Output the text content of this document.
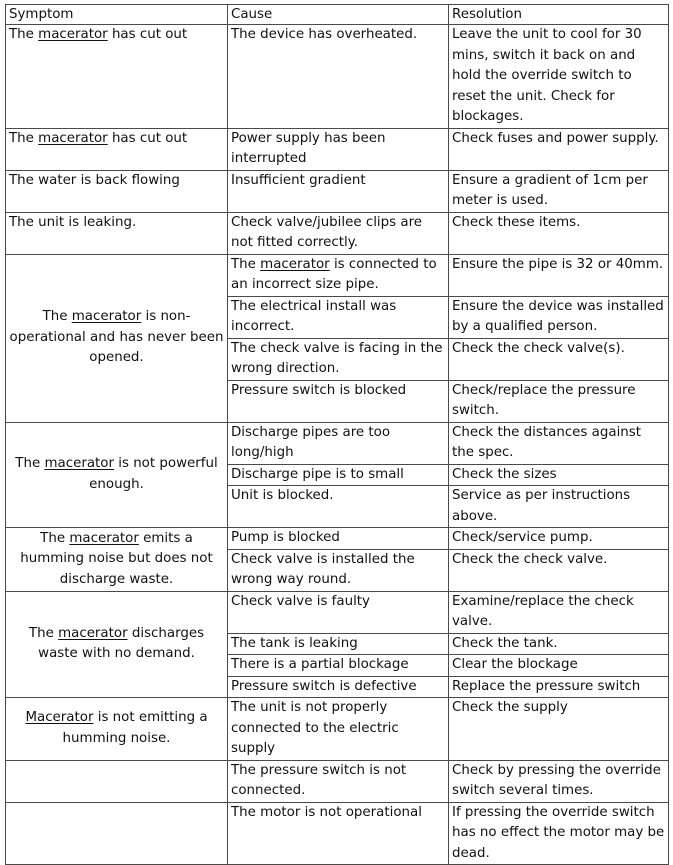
Symptom	Cause	Resolution
The macerator has cut out	The device has overheated.	Leave the unit to cool for 30 mins, switch it back on and hold the override switch to reset the unit. Check for blockages.
The macerator has cut out	Power supply has been interrupted	Check fuses and power supply.
The water is back flowing	Insufficient gradient	Ensure a gradient of 1cm per meter is used.
The unit is leaking.	Check valve/jubilee clips are not fitted correctly.	Check these items.
The macerator is non-operational and has never been opened.	The macerator is connected to an incorrect size pipe.	Ensure the pipe is 32 or 40mm.
	The electrical install was incorrect.	Ensure the device was installed by a qualified person.
	The check valve is facing in the wrong direction.	Check the check valve(s).
	Pressure switch is blocked	Check/replace the pressure switch.
The macerator is not powerful enough.	Discharge pipes are too long/high	Check the distances against the spec.
	Discharge pipe is to small	Check the sizes
	Unit is blocked.	Service as per instructions above.
The macerator emits a humming noise but does not discharge waste.	Pump is blocked	Check/service pump.
	Check valve is installed the wrong way round.	Check the check valve.
The macerator discharges waste with no demand.	Check valve is faulty	Examine/replace the check valve.
	The tank is leaking	Check the tank.
	There is a partial blockage	Clear the blockage
	Pressure switch is defective	Replace the pressure switch
Macerator is not emitting a humming noise.	The unit is not properly connected to the electric supply	Check the supply
	The pressure switch is not connected.	Check by pressing the override switch several times.
	The motor is not operational	If pressing the override switch has no effect the motor may be dead.
